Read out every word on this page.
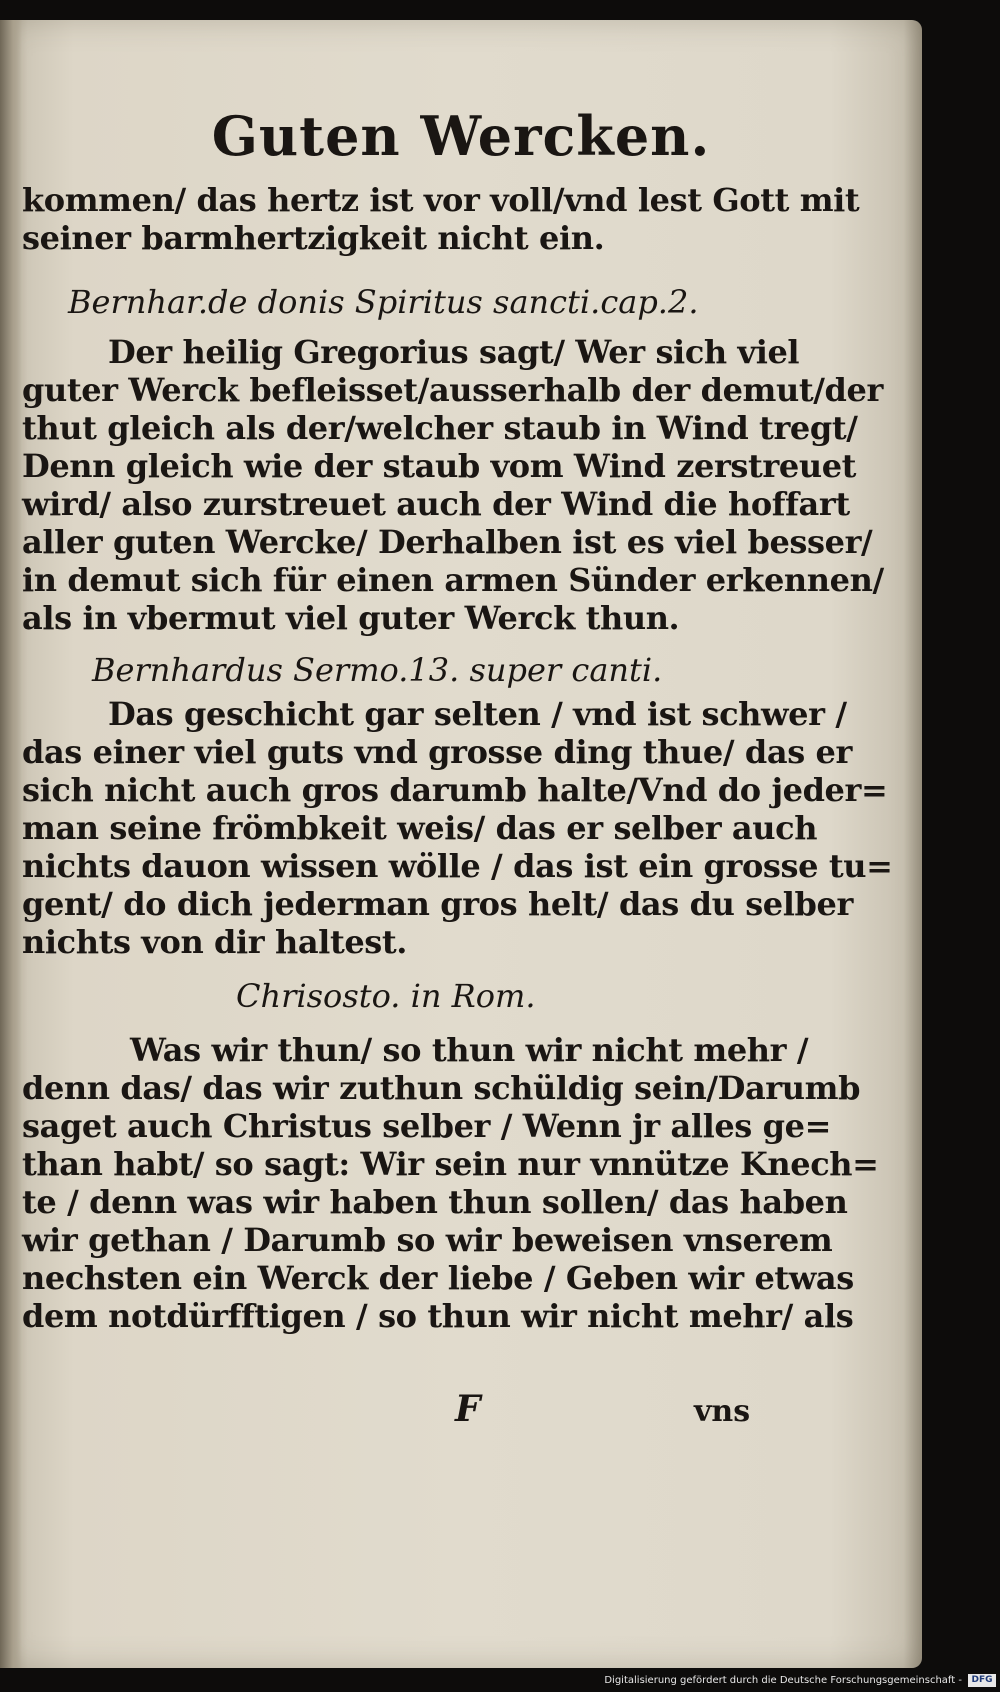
Guten Wercken.
kommen/ das hertz ist vor voll/vnd lest Gott mit
seiner barmhertzigkeit nicht ein.
Bernhar.de donis Spiritus sancti.cap.2.
Der heilig Gregorius sagt/ Wer sich viel
guter Werck befleisset/ausserhalb der demut/der
thut gleich als der/welcher staub in Wind tregt/
Denn gleich wie der staub vom Wind zerstreuet
wird/ also zurstreuet auch der Wind die hoffart
aller guten Wercke/ Derhalben ist es viel besser/
in demut sich für einen armen Sünder erkennen/
als in vbermut viel guter Werck thun.
Bernhardus Sermo.13. super canti.
Das geschicht gar selten / vnd ist schwer /
das einer viel guts vnd grosse ding thue/ das er
sich nicht auch gros darumb halte/Vnd do jeder=
man seine frömbkeit weis/ das er selber auch
nichts dauon wissen wölle / das ist ein grosse tu=
gent/ do dich jederman gros helt/ das du selber
nichts von dir haltest.
Chrisosto. in Rom.
Was wir thun/ so thun wir nicht mehr /
denn das/ das wir zuthun schüldig sein/Darumb
saget auch Christus selber / Wenn jr alles ge=
than habt/ so sagt: Wir sein nur vnnütze Knech=
te / denn was wir haben thun sollen/ das haben
wir gethan / Darumb so wir beweisen vnserem
nechsten ein Werck der liebe / Geben wir etwas
dem notdürfftigen / so thun wir nicht mehr/ als
F	vns
Digitalisierung gefördert durch die Deutsche Forschungsgemeinschaft -	DFG
